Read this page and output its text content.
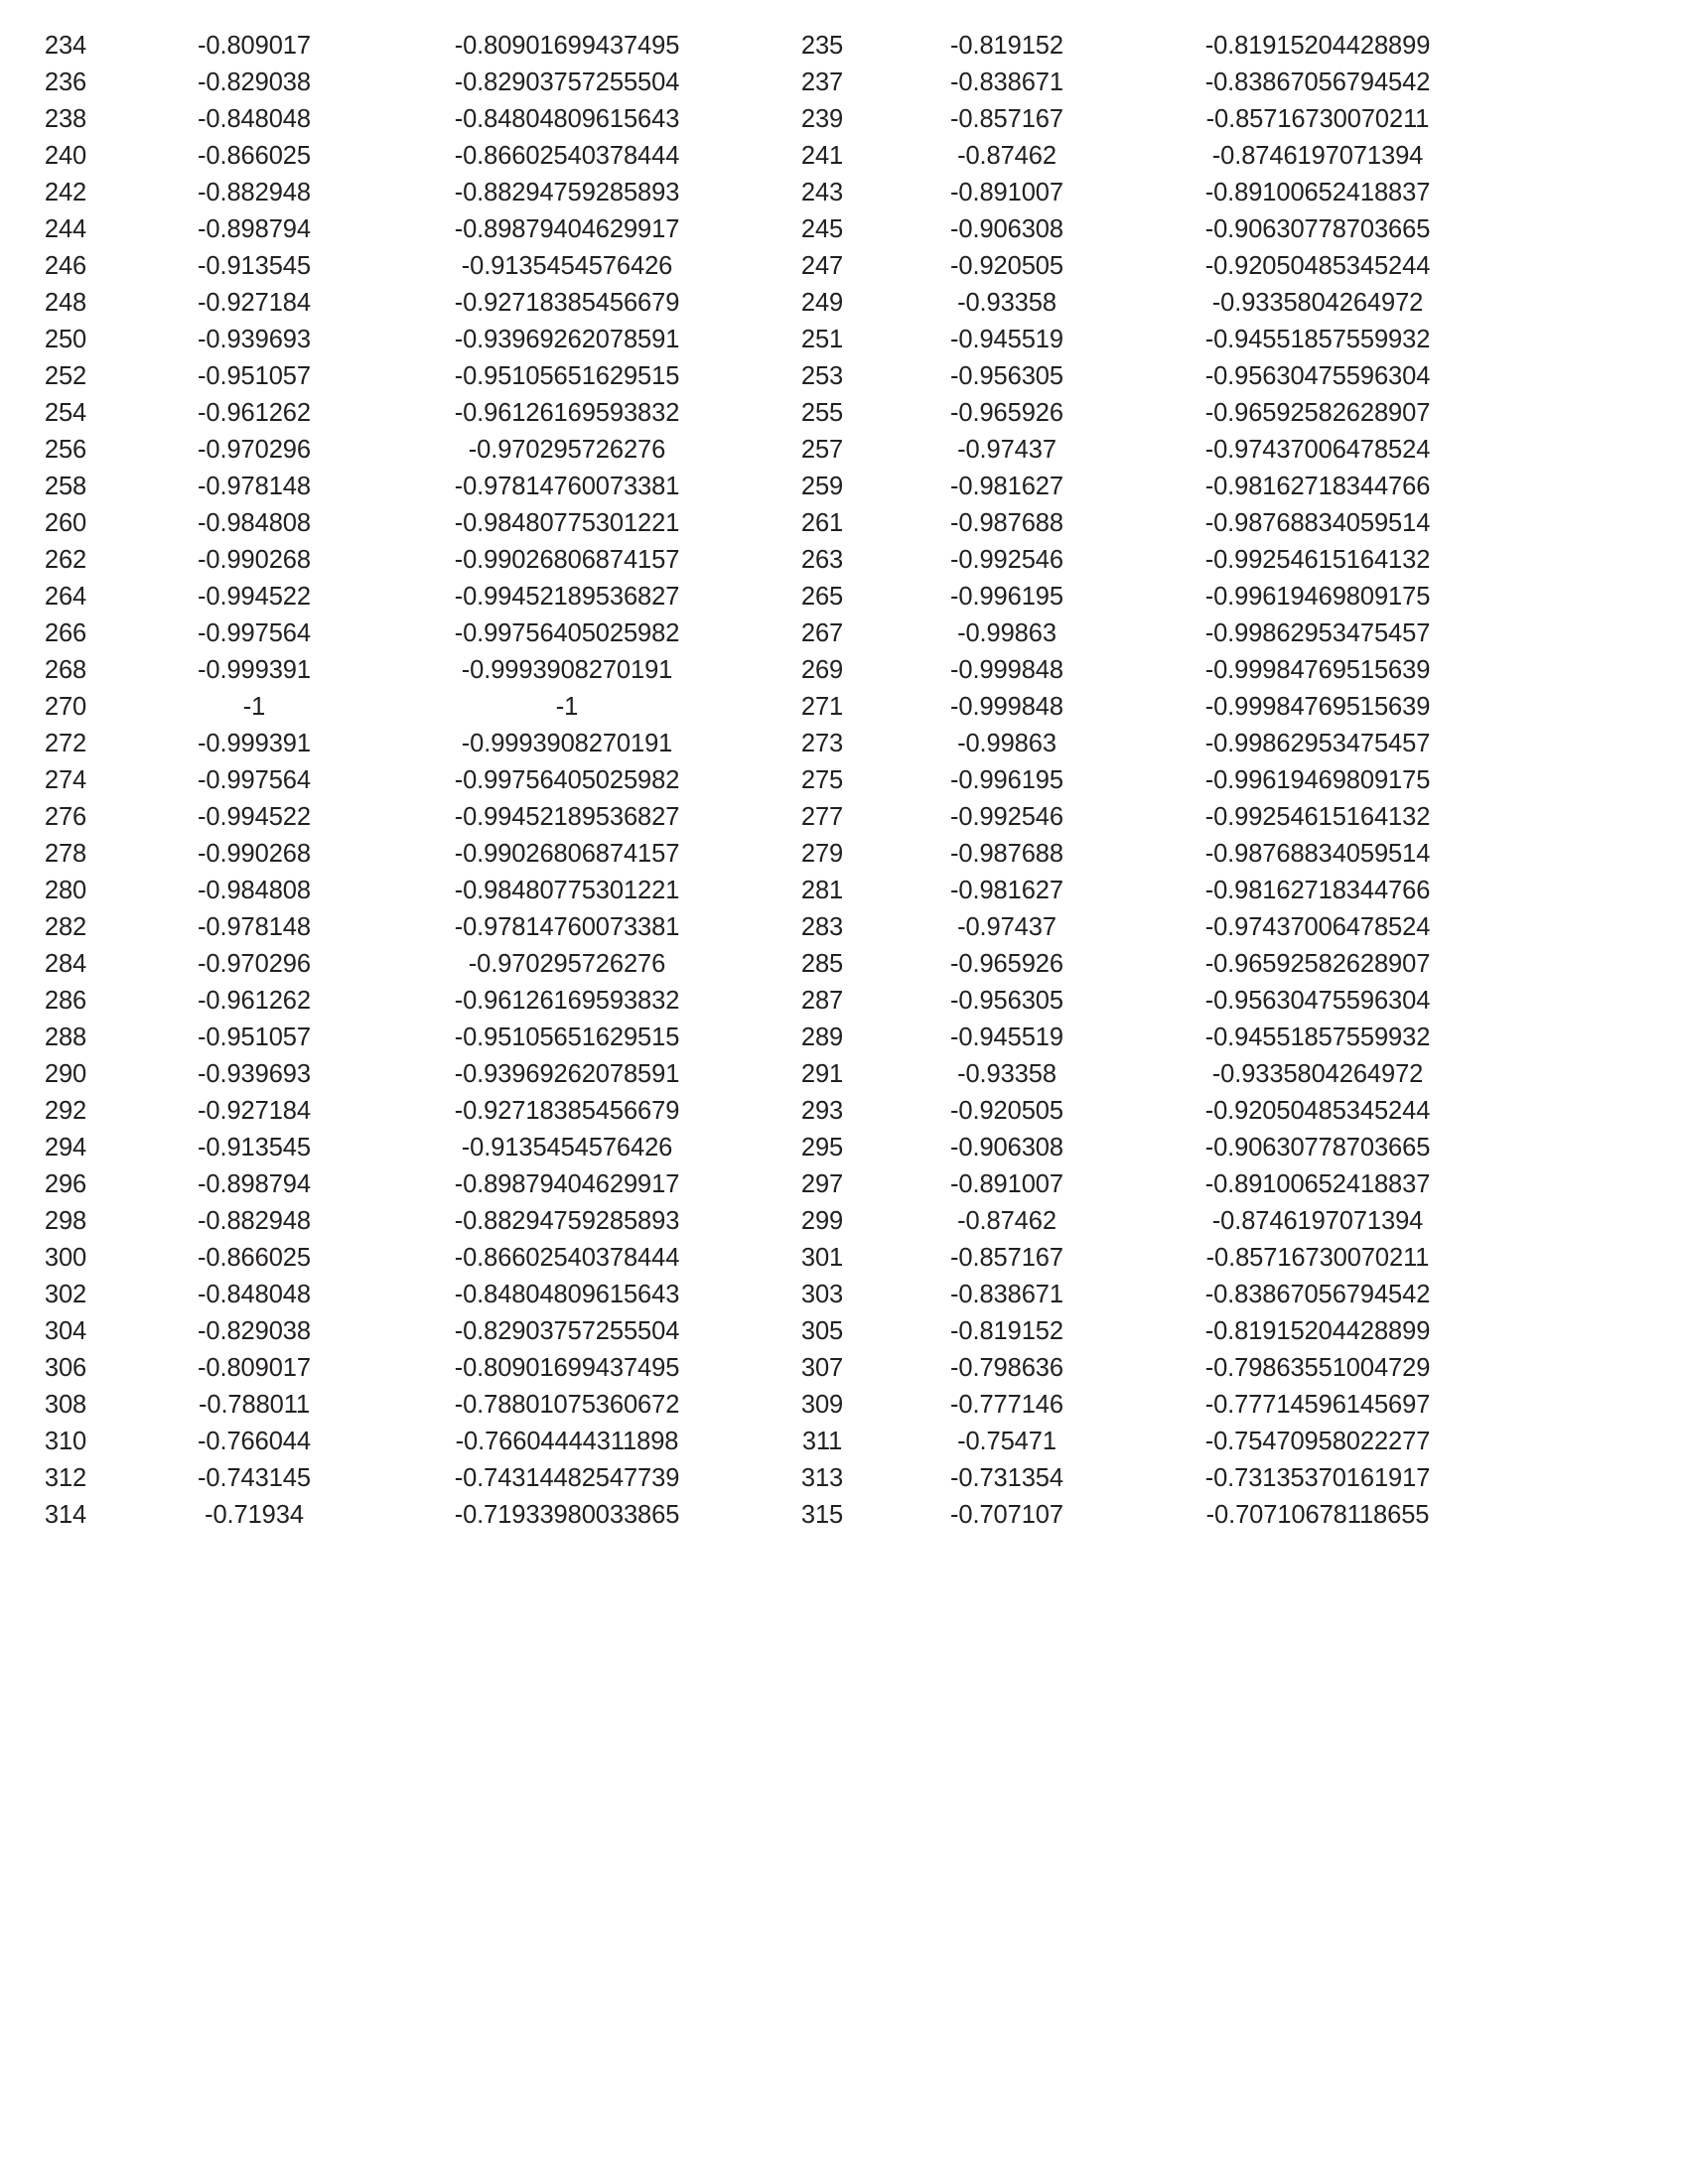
234	-0.809017	-0.80901699437495	235	-0.819152	-0.81915204428899
236	-0.829038	-0.82903757255504	237	-0.838671	-0.83867056794542
238	-0.848048	-0.84804809615643	239	-0.857167	-0.85716730070211
240	-0.866025	-0.86602540378444	241	-0.87462	-0.8746197071394
242	-0.882948	-0.88294759285893	243	-0.891007	-0.89100652418837
244	-0.898794	-0.89879404629917	245	-0.906308	-0.90630778703665
246	-0.913545	-0.9135454576426	247	-0.920505	-0.92050485345244
248	-0.927184	-0.92718385456679	249	-0.93358	-0.9335804264972
250	-0.939693	-0.93969262078591	251	-0.945519	-0.94551857559932
252	-0.951057	-0.95105651629515	253	-0.956305	-0.95630475596304
254	-0.961262	-0.96126169593832	255	-0.965926	-0.96592582628907
256	-0.970296	-0.970295726276	257	-0.97437	-0.97437006478524
258	-0.978148	-0.97814760073381	259	-0.981627	-0.98162718344766
260	-0.984808	-0.98480775301221	261	-0.987688	-0.98768834059514
262	-0.990268	-0.99026806874157	263	-0.992546	-0.99254615164132
264	-0.994522	-0.99452189536827	265	-0.996195	-0.99619469809175
266	-0.997564	-0.99756405025982	267	-0.99863	-0.99862953475457
268	-0.999391	-0.9993908270191	269	-0.999848	-0.99984769515639
270	-1	-1	271	-0.999848	-0.99984769515639
272	-0.999391	-0.9993908270191	273	-0.99863	-0.99862953475457
274	-0.997564	-0.99756405025982	275	-0.996195	-0.99619469809175
276	-0.994522	-0.99452189536827	277	-0.992546	-0.99254615164132
278	-0.990268	-0.99026806874157	279	-0.987688	-0.98768834059514
280	-0.984808	-0.98480775301221	281	-0.981627	-0.98162718344766
282	-0.978148	-0.97814760073381	283	-0.97437	-0.97437006478524
284	-0.970296	-0.970295726276	285	-0.965926	-0.96592582628907
286	-0.961262	-0.96126169593832	287	-0.956305	-0.95630475596304
288	-0.951057	-0.95105651629515	289	-0.945519	-0.94551857559932
290	-0.939693	-0.93969262078591	291	-0.93358	-0.9335804264972
292	-0.927184	-0.92718385456679	293	-0.920505	-0.92050485345244
294	-0.913545	-0.9135454576426	295	-0.906308	-0.90630778703665
296	-0.898794	-0.89879404629917	297	-0.891007	-0.89100652418837
298	-0.882948	-0.88294759285893	299	-0.87462	-0.8746197071394
300	-0.866025	-0.86602540378444	301	-0.857167	-0.85716730070211
302	-0.848048	-0.84804809615643	303	-0.838671	-0.83867056794542
304	-0.829038	-0.82903757255504	305	-0.819152	-0.81915204428899
306	-0.809017	-0.80901699437495	307	-0.798636	-0.79863551004729
308	-0.788011	-0.78801075360672	309	-0.777146	-0.77714596145697
310	-0.766044	-0.76604444311898	311	-0.75471	-0.75470958022277
312	-0.743145	-0.74314482547739	313	-0.731354	-0.73135370161917
314	-0.71934	-0.71933980033865	315	-0.707107	-0.70710678118655
